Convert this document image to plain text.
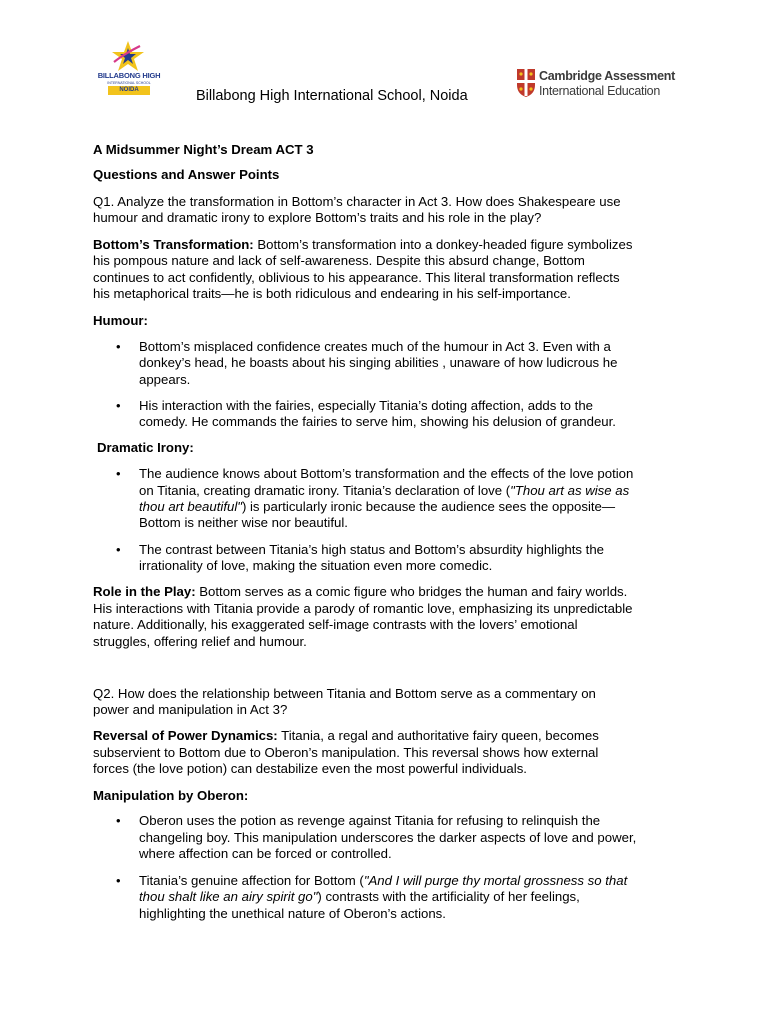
BILLABONG HIGH
INTERNATIONAL SCHOOL
NOIDA	Billabong High International School, Noida
Cambridge Assessment
International Education
A Midsummer Night’s Dream ACT 3
Questions and Answer Points
Q1. Analyze the transformation in Bottom’s character in Act 3. How does Shakespeare use
humour and dramatic irony to explore Bottom’s traits and his role in the play?
Bottom’s Transformation: Bottom’s transformation into a donkey-headed figure symbolizes
his pompous nature and lack of self-awareness. Despite this absurd change, Bottom
continues to act confidently, oblivious to his appearance. This literal transformation reflects
his metaphorical traits—he is both ridiculous and endearing in his self-importance.
Humour:
• Bottom’s misplaced confidence creates much of the humour in Act 3. Even with a
donkey’s head, he boasts about his singing abilities , unaware of how ludicrous he
appears.
• His interaction with the fairies, especially Titania’s doting affection, adds to the
comedy. He commands the fairies to serve him, showing his delusion of grandeur.
Dramatic Irony:
• The audience knows about Bottom’s transformation and the effects of the love potion
on Titania, creating dramatic irony. Titania’s declaration of love ("Thou art as wise as
thou art beautiful") is particularly ironic because the audience sees the opposite—
Bottom is neither wise nor beautiful.
• The contrast between Titania’s high status and Bottom’s absurdity highlights the
irrationality of love, making the situation even more comedic.
Role in the Play: Bottom serves as a comic figure who bridges the human and fairy worlds.
His interactions with Titania provide a parody of romantic love, emphasizing its unpredictable
nature. Additionally, his exaggerated self-image contrasts with the lovers’ emotional
struggles, offering relief and humour.
Q2. How does the relationship between Titania and Bottom serve as a commentary on
power and manipulation in Act 3?
Reversal of Power Dynamics: Titania, a regal and authoritative fairy queen, becomes
subservient to Bottom due to Oberon’s manipulation. This reversal shows how external
forces (the love potion) can destabilize even the most powerful individuals.
Manipulation by Oberon:
• Oberon uses the potion as revenge against Titania for refusing to relinquish the
changeling boy. This manipulation underscores the darker aspects of love and power,
where affection can be forced or controlled.
• Titania’s genuine affection for Bottom ("And I will purge thy mortal grossness so that
thou shalt like an airy spirit go") contrasts with the artificiality of her feelings,
highlighting the unethical nature of Oberon’s actions.
